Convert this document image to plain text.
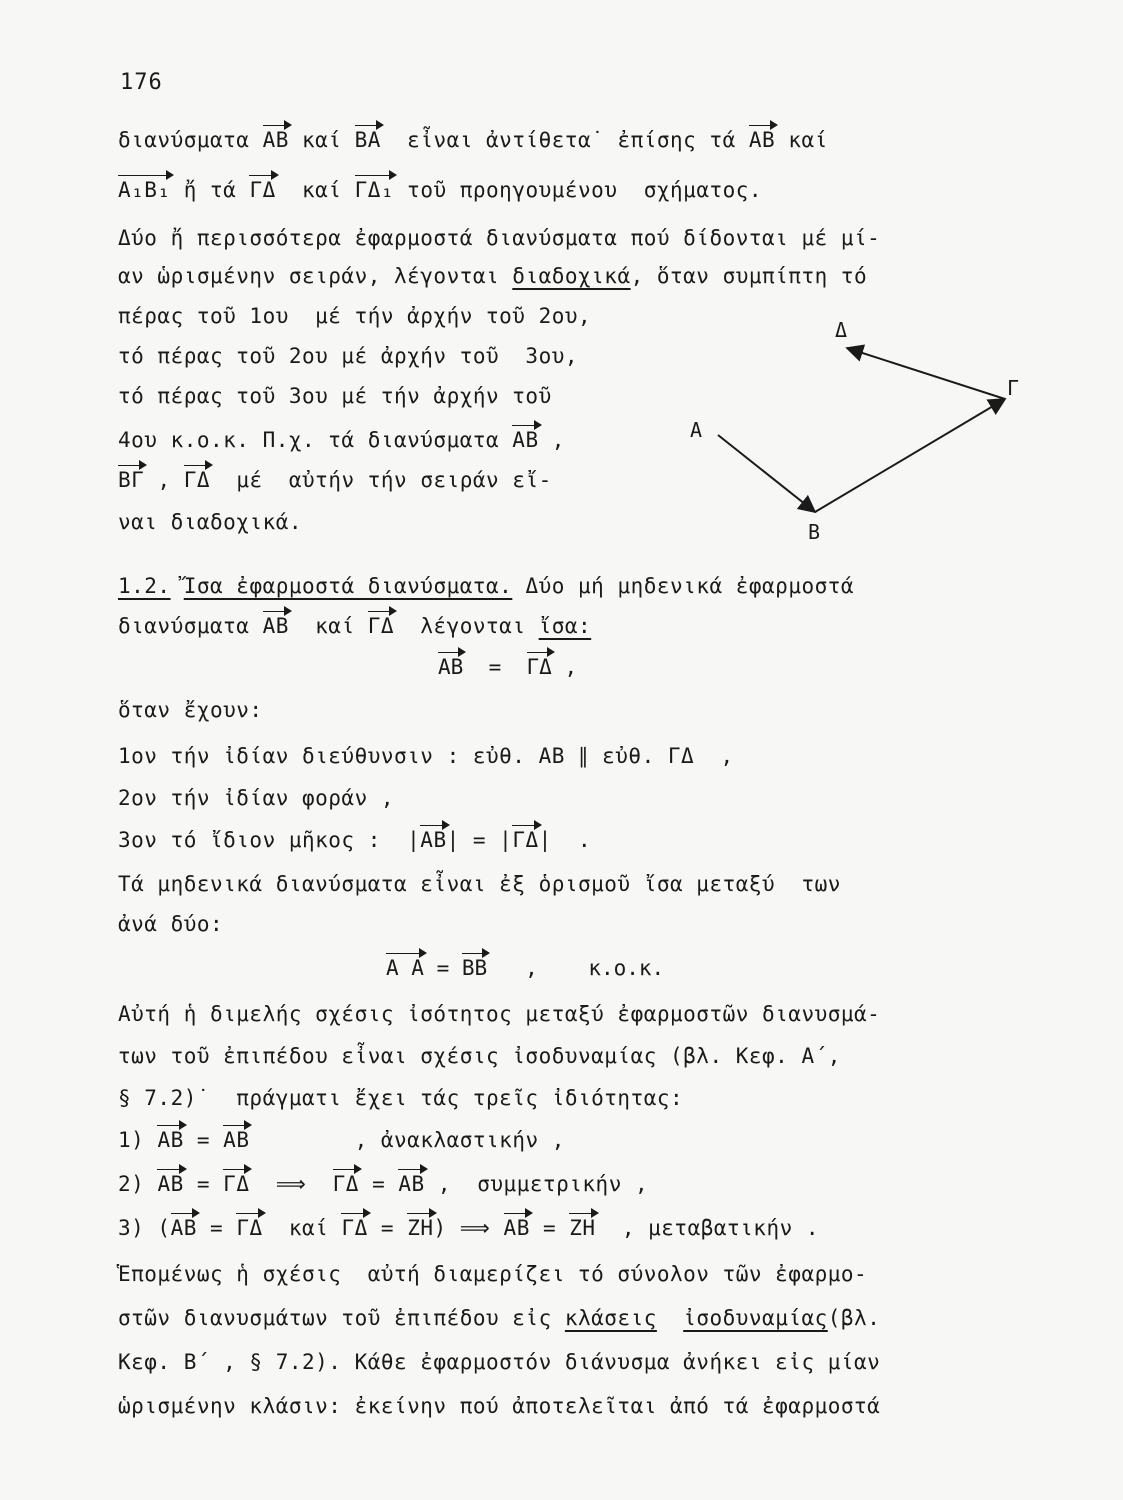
176
διανύσματα AB καί BA  εἶναι ἀντίθετα˙ ἐπίσης τά AB καί
A₁B₁ ἤ τά ΓΔ  καί ΓΔ₁ τοῦ προηγουμένου  σχήματος.
Δύο ἤ περισσότερα ἐφαρμοστά διανύσματα πού δίδονται μέ μί-
αν ὡρισμένην σειράν, λέγονται διαδοχικά, ὅταν συμπίπτη τό
πέρας τοῦ 1ου  μέ τήν ἀρχήν τοῦ 2ου,
τό πέρας τοῦ 2ου μέ ἀρχήν τοῦ  3ου,
τό πέρας τοῦ 3ου μέ τήν ἀρχήν τοῦ
4ου κ.ο.κ. Π.χ. τά διανύσματα AB ,
BΓ , ΓΔ  μέ  αὐτήν τήν σειράν εἴ-
ναι διαδοχικά.
A
B
Γ
Δ
1.2. Ἴσα ἐφαρμοστά διανύσματα. Δύο μή μηδενικά ἐφαρμοστά
διανύσματα AB  καί ΓΔ  λέγονται ἴσα:
AB  =  ΓΔ ,
ὅταν ἔχουν:
1ον τήν ἰδίαν διεύθυνσιν : εὐθ. AB ∥ εὐθ. ΓΔ  ,
2ον τήν ἰδίαν φοράν ,
3ον τό ἴδιον μῆκος :  |AB| = |ΓΔ|  .
Τά μηδενικά διανύσματα εἶναι ἐξ ὁρισμοῦ ἴσα μεταξύ  των
ἀνά δύο:
A A = BB   ,    κ.ο.κ.
Αὐτή ἡ διμελής σχέσις ἰσότητος μεταξύ ἐφαρμοστῶν διανυσμά-
των τοῦ ἐπιπέδου εἶναι σχέσις ἰσοδυναμίας (βλ. Κεφ. Α΄,
§ 7.2)˙  πράγματι ἔχει τάς τρεῖς ἰδιότητας:
1) AB = AB        , ἀνακλαστικήν ,
2) AB = ΓΔ  ⟹  ΓΔ = AB ,  συμμετρικήν ,
3) (AB = ΓΔ  καί ΓΔ = ZH) ⟹ AB = ZH  , μεταβατικήν .
Ἑπομένως ἡ σχέσις  αὐτή διαμερίζει τό σύνολον τῶν ἐφαρμο-
στῶν διανυσμάτων τοῦ ἐπιπέδου εἰς κλάσεις ἰσοδυναμίας(βλ.
Κεφ. Β΄ , § 7.2). Κάθε ἐφαρμοστόν διάνυσμα ἀνήκει εἰς μίαν
ὡρισμένην κλάσιν: ἐκείνην πού ἀποτελεῖται ἀπό τά ἐφαρμοστά
